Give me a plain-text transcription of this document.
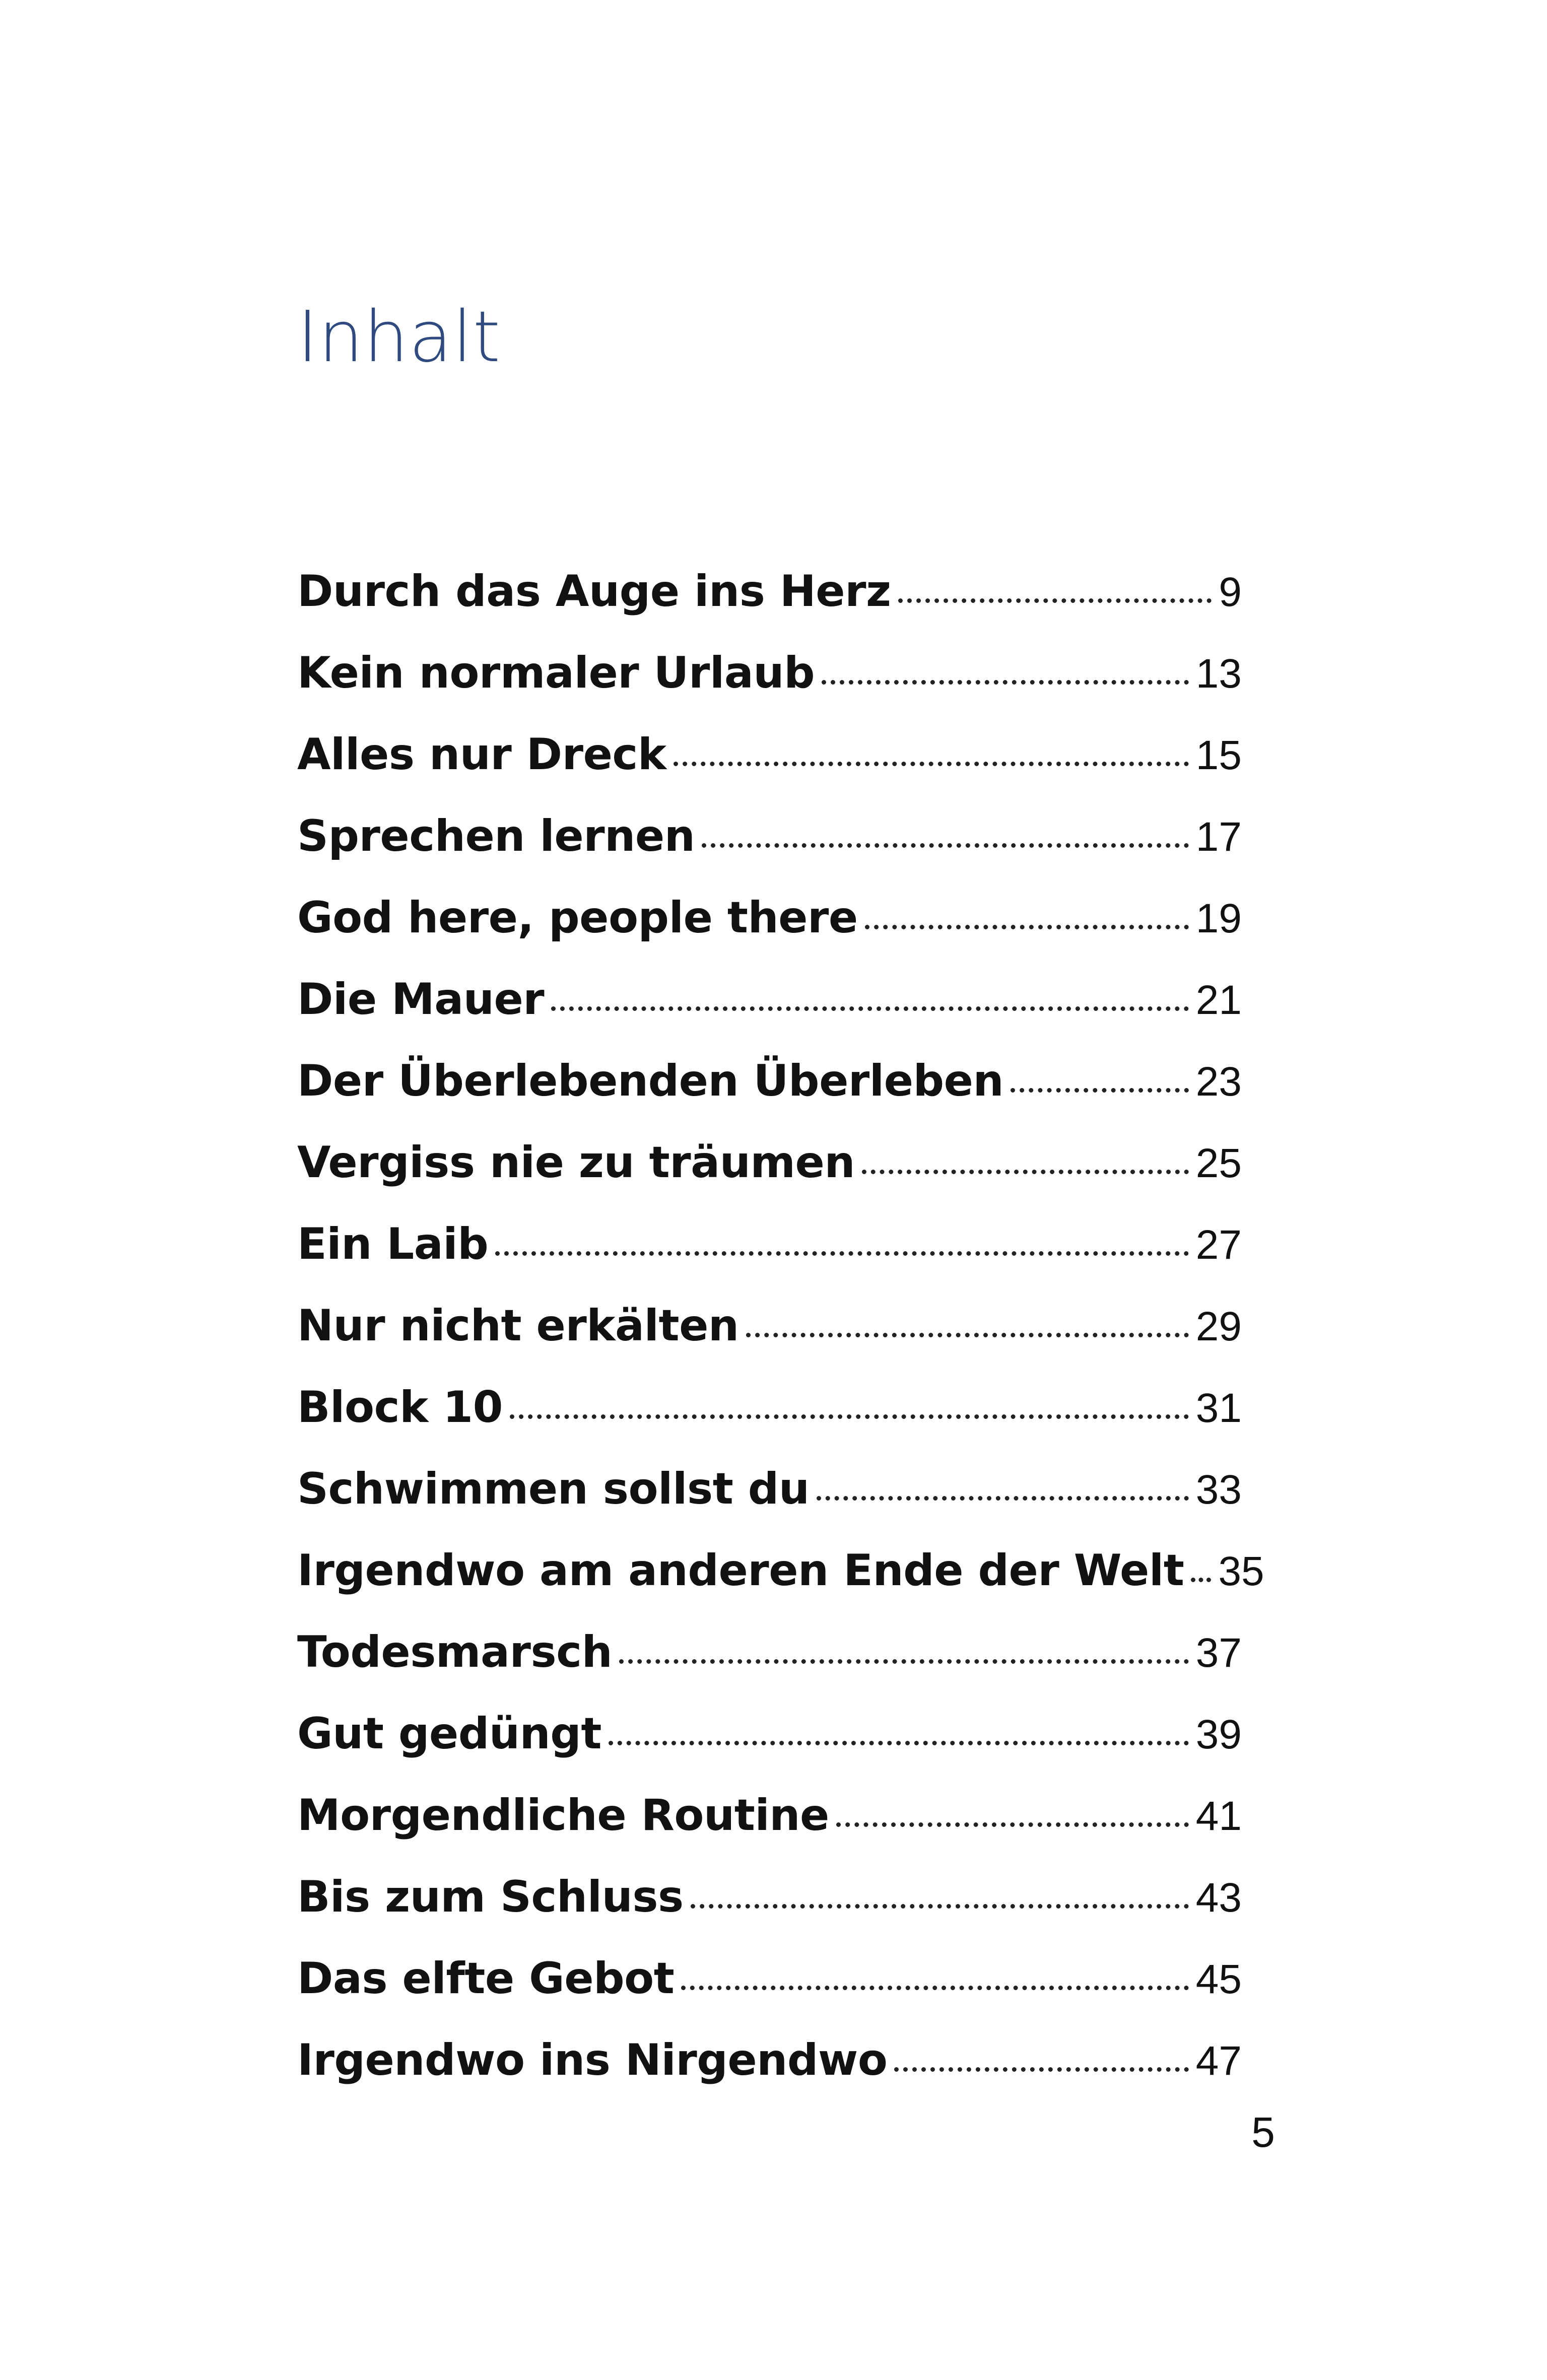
Inhalt
Durch das Auge ins Herz	9
Kein normaler Urlaub	13
Alles nur Dreck	15
Sprechen lernen	17
God here, people there	19
Die Mauer	21
Der Überlebenden Überleben	23
Vergiss nie zu träumen	25
Ein Laib	27
Nur nicht erkälten	29
Block 10	31
Schwimmen sollst du	33
Irgendwo am anderen Ende der Welt 35
Todesmarsch	37
Gut gedüngt	39
Morgendliche Routine	41
Bis zum Schluss	43
Das elfte Gebot	45
Irgendwo ins Nirgendwo	47
5
